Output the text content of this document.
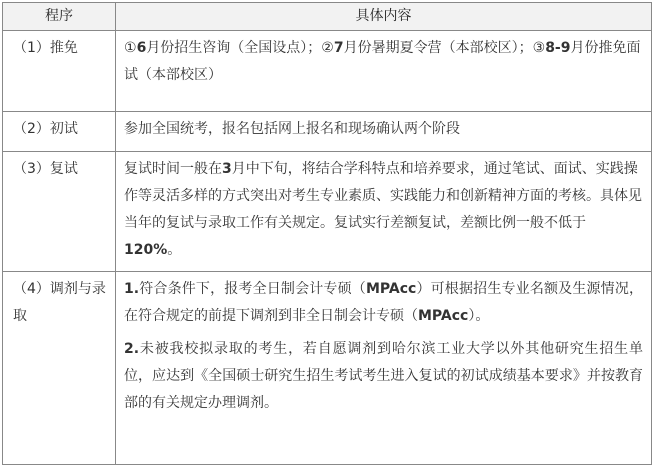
程序	具体内容
（1）推免	①6月份招生咨询（全国设点）；②7月份暑期夏令营（本部校区）；③8-9月份推免面试（本部校区）
（2）初试	参加全国统考，报名包括网上报名和现场确认两个阶段
（3）复试	复试时间一般在3月中下旬，将结合学科特点和培养要求，通过笔试、面试、实践操作等灵活多样的方式突出对考生专业素质、实践能力和创新精神方面的考核。具体见当年的复试与录取工作有关规定。复试实行差额复试，差额比例一般不低于120%。
（4）调剂与录取	1.符合条件下，报考全日制会计专硕（MPAcc）可根据招生专业名额及生源情况，在符合规定的前提下调剂到非全日制会计专硕（MPAcc）。

2.未被我校拟录取的考生，若自愿调剂到哈尔滨工业大学以外其他研究生招生单位，应达到《全国硕士研究生招生考试考生进入复试的初试成绩基本要求》并按教育部的有关规定办理调剂。
